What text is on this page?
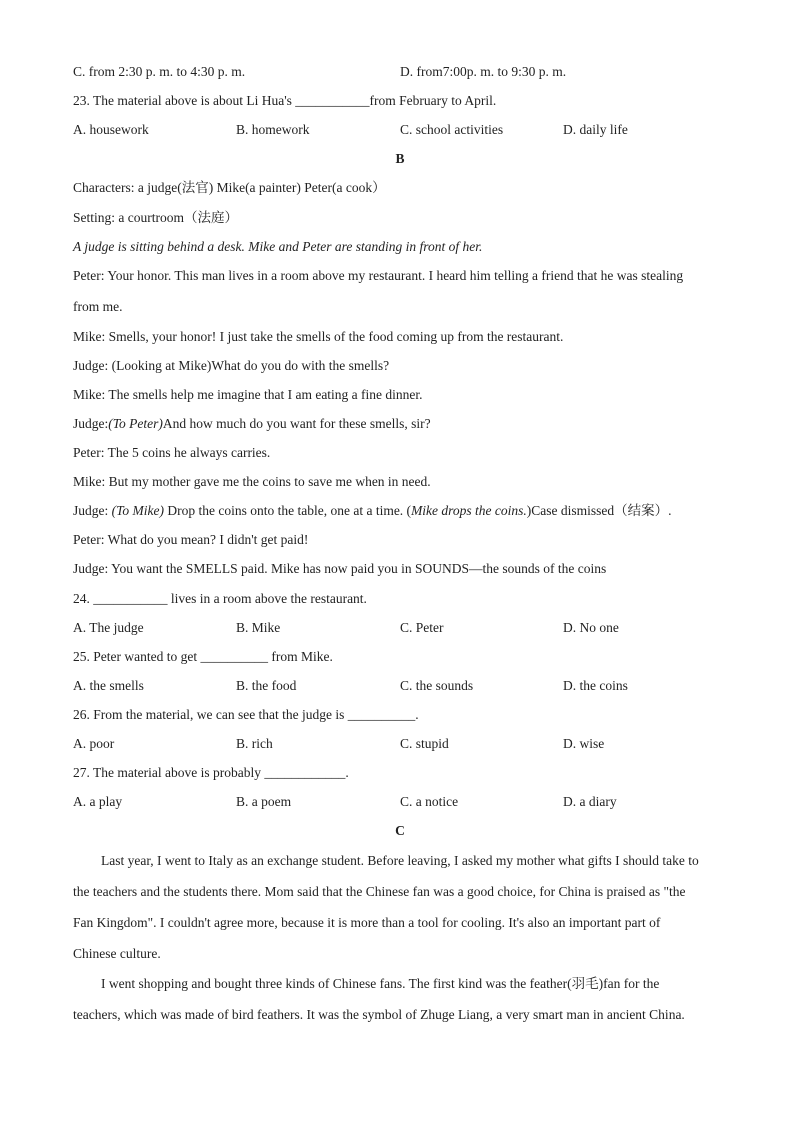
C. from 2:30 p. m. to 4:30 p. m.	D. from7:00p. m. to 9:30 p. m.
23. The material above is about Li Hua's ___________from February to April.
A. housework	B. homework	C. school activities	D. daily life
B
Characters: a judge(法官) Mike(a painter) Peter(a cook）
Setting: a courtroom（法庭）
A judge is sitting behind a desk. Mike and Peter are standing in front of her.
Peter: Your honor. This man lives in a room above my restaurant. I heard him telling a friend that he was stealing
from me.
Mike: Smells, your honor! I just take the smells of the food coming up from the restaurant.
Judge: (Looking at Mike)What do you do with the smells?
Mike: The smells help me imagine that I am eating a fine dinner.
Judge:(To Peter)And how much do you want for these smells, sir?
Peter: The 5 coins he always carries.
Mike: But my mother gave me the coins to save me when in need.
Judge: (To Mike) Drop the coins onto the table, one at a time. (Mike drops the coins.)Case dismissed（结案）.
Peter: What do you mean? I didn't get paid!
Judge: You want the SMELLS paid. Mike has now paid you in SOUNDS—the sounds of the coins
24. ___________ lives in a room above the restaurant.
A. The judge	B. Mike	C. Peter	D. No one
25. Peter wanted to get __________ from Mike.
A. the smells	B. the food	C. the sounds	D. the coins
26. From the material, we can see that the judge is __________.
A. poor	B. rich	C. stupid	D. wise
27. The material above is probably ____________.
A. a play	B. a poem	C. a notice	D. a diary
C
Last year, I went to Italy as an exchange student. Before leaving, I asked my mother what gifts I should take to
the teachers and the students there. Mom said that the Chinese fan was a good choice, for China is praised as "the
Fan Kingdom". I couldn't agree more, because it is more than a tool for cooling. It's also an important part of
Chinese culture.
I went shopping and bought three kinds of Chinese fans. The first kind was the feather(羽毛)fan for the
teachers, which was made of bird feathers. It was the symbol of Zhuge Liang, a very smart man in ancient China.
